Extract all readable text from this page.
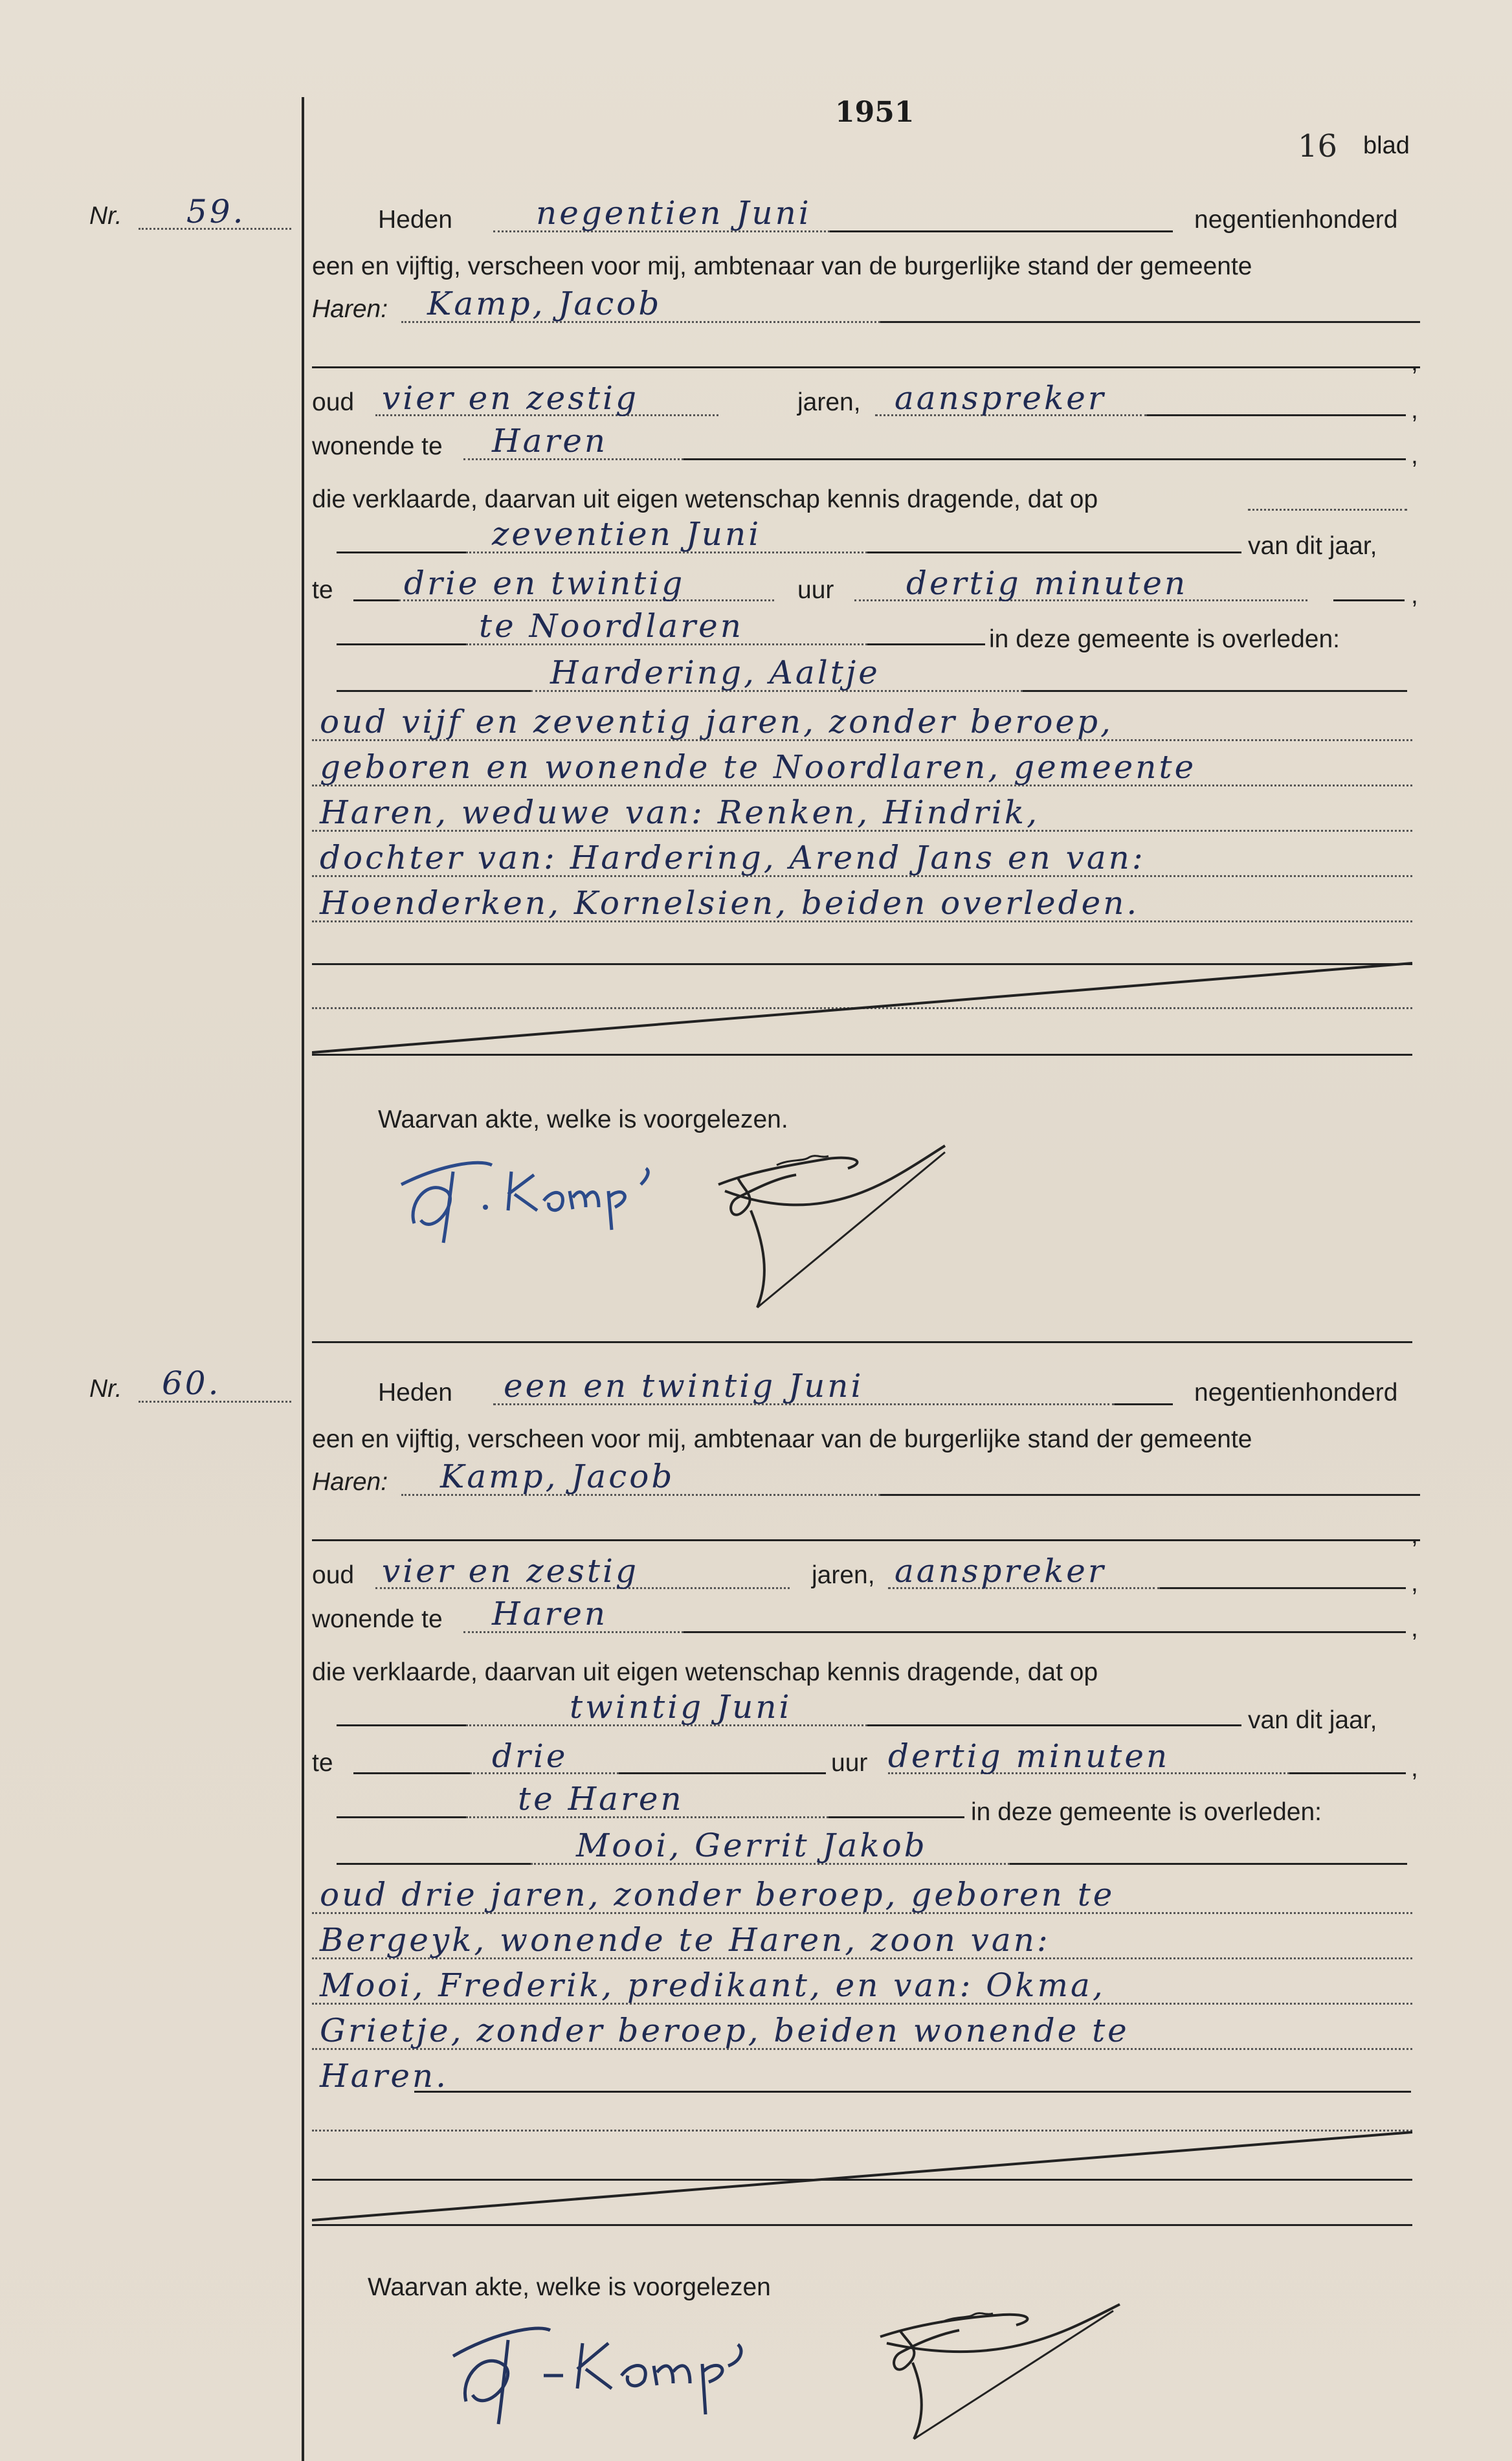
1951
16 blad
Nr. 59.	Heden	negentien Juni	negentienhonderd
een en vijftig, verscheen voor mij, ambtenaar van de burgerlijke stand der gemeente
Haren: Kamp, Jacob
,
oud vier en zestig	jaren, aanspreker	,
wonende te Haren	,
die verklaarde, daarvan uit eigen wetenschap kennis dragende, dat op
zeventien Juni	van dit jaar,
te drie en twintig	uur dertig minuten	,
te Noordlaren	in deze gemeente is overleden:
Hardering, Aaltje
oud vijf en zeventig jaren, zonder beroep,
geboren en wonende te Noordlaren, gemeente
Haren, weduwe van: Renken, Hindrik,
dochter van: Hardering, Arend Jans en van:
Hoenderken, Kornelsien, beiden overleden.
Waarvan akte, welke is voorgelezen.
Nr. 60.	Heden een en twintig Juni	negentienhonderd
een en vijftig, verscheen voor mij, ambtenaar van de burgerlijke stand der gemeente
Haren: Kamp, Jacob
,
oud vier en zestig	jaren, aanspreker	,
wonende te Haren	,
die verklaarde, daarvan uit eigen wetenschap kennis dragende, dat op
twintig Juni	van dit jaar,
te	drie	uur dertig minuten	,
te Haren	in deze gemeente is overleden:
Mooi, Gerrit Jakob
oud drie jaren, zonder beroep, geboren te
Bergeyk, wonende te Haren, zoon van:
Mooi, Frederik, predikant, en van: Okma,
Grietje, zonder beroep, beiden wonende te
Haren.
Waarvan akte, welke is voorgelezen
